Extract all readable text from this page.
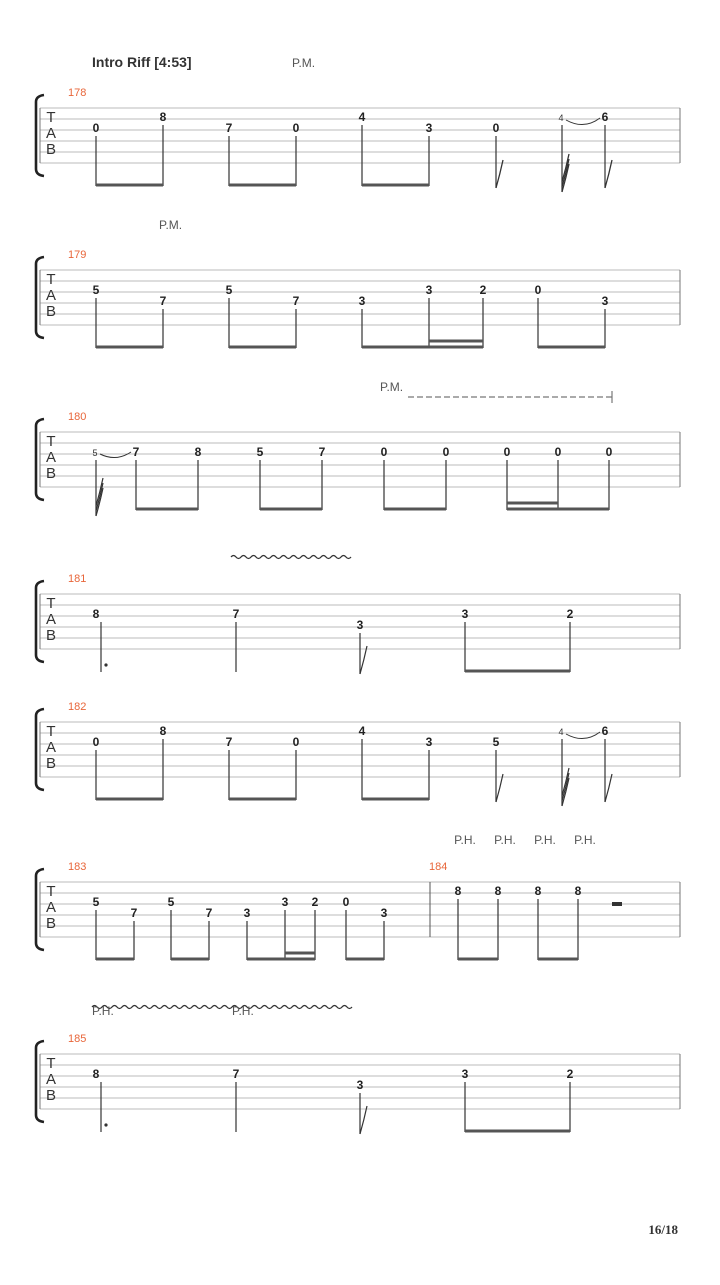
Intro Riff [4:53]
T
A
B
178
P.M.
0
8
7	0
4
3	0
4	6
T
A
B
179
P.M.
5
7
5
7	3
3	2	0
3
T
A
B
180
P.M.
5	7	8	5	7	0	0	0	0	0
T
A
B
181
8	7
3
3	2
T
A
B
182
0
8
7	0
4
3	5
4	6
T
A
B
183	184
P.H. P.H. P.H. P.H.
5
7
5
7	3
3 2 0
3
8	8	8	8
T
A
B
185
P.H.	P.H.
8	7
3
3	2
16/18
